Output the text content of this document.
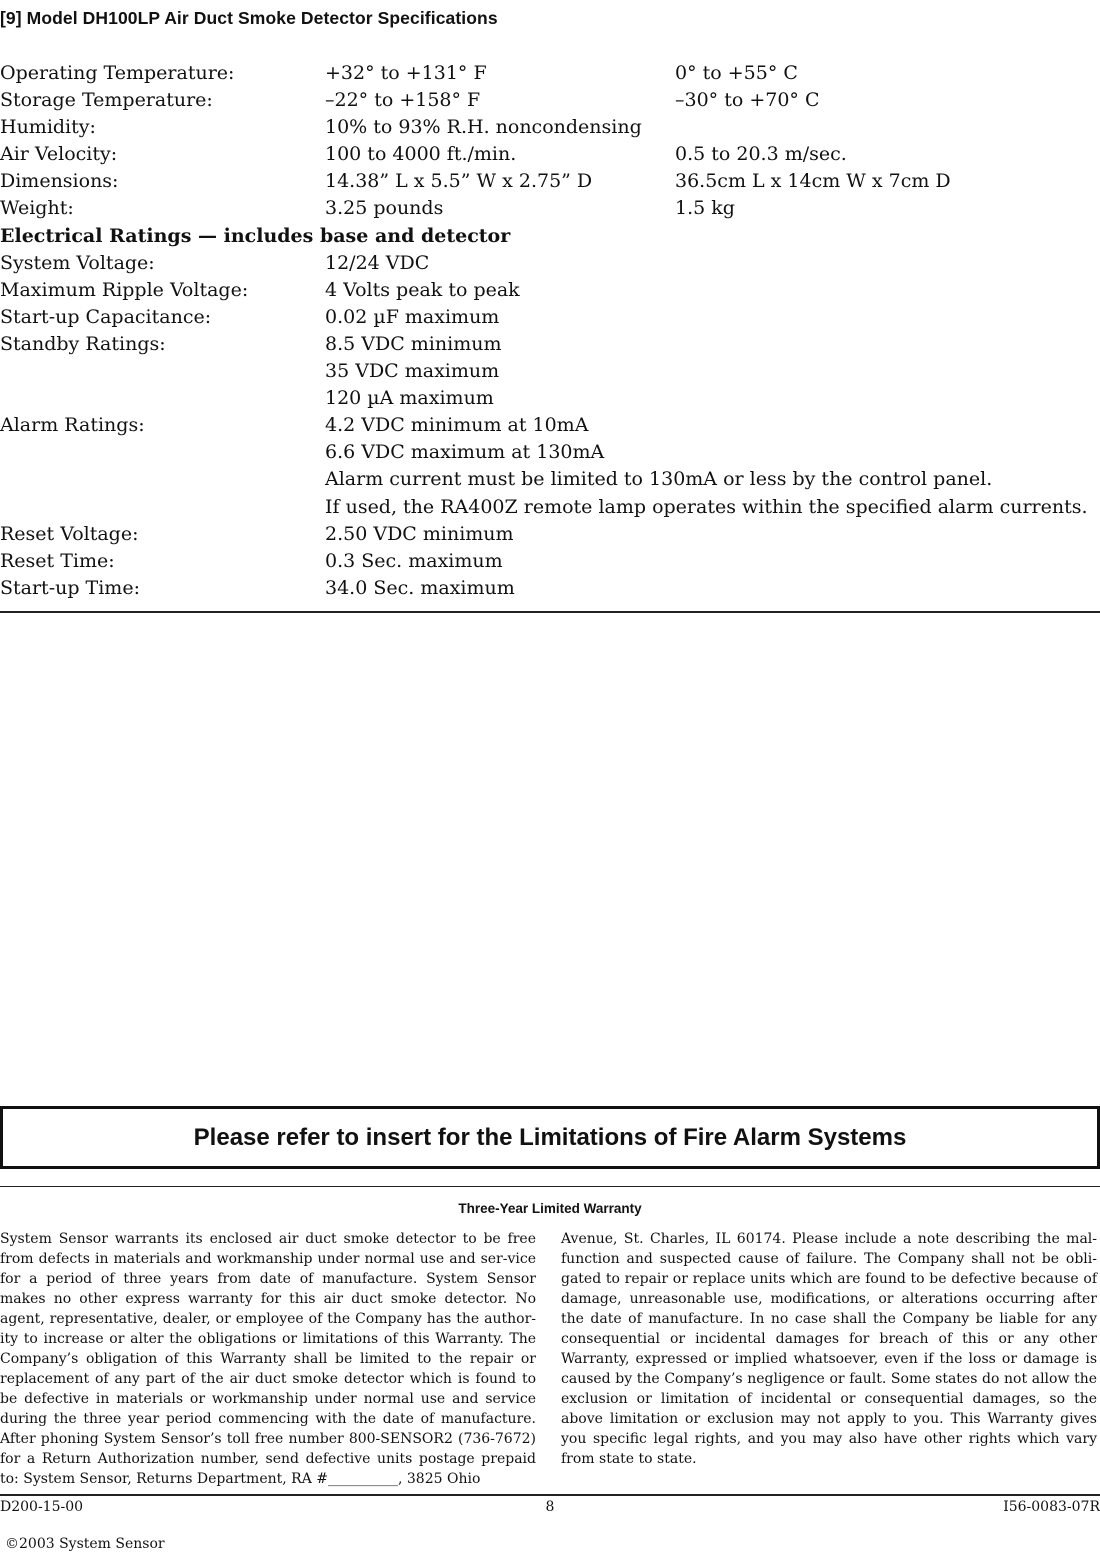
[9] Model DH100LP Air Duct Smoke Detector Specifications
Operating Temperature:	+32° to +131° F	0° to +55° C
Storage Temperature:	–22° to +158° F	–30° to +70° C
Humidity:	10% to 93% R.H. noncondensing	
Air Velocity:	100 to 4000 ft./min.	0.5 to 20.3 m/sec.
Dimensions:	14.38” L x 5.5” W x 2.75” D	36.5cm L x 14cm W x 7cm D
Weight:	3.25 pounds	1.5 kg
Electrical Ratings — includes base and detector		
System Voltage:	12/24 VDC	
Maximum Ripple Voltage:	4 Volts peak to peak	
Start-up Capacitance:	0.02 µF maximum	
Standby Ratings:	8.5 VDC minimum	
	35 VDC maximum	
	120 µA maximum	
Alarm Ratings:	4.2 VDC minimum at 10mA	
	6.6 VDC maximum at 130mA	
	Alarm current must be limited to 130mA or less by the control panel.	
	If used, the RA400Z remote lamp operates within the specified alarm currents.	
Reset Voltage:	2.50 VDC minimum	
Reset Time:	0.3 Sec. maximum	
Start-up Time:	34.0 Sec. maximum	
Please refer to insert for the Limitations of Fire Alarm Systems
Three-Year Limited Warranty

System Sensor warrants its enclosed air duct smoke detector to be free from defects in materials and workmanship under normal use and ser-vice for a period of three years from date of manufacture. System Sensor makes no other express warranty for this air duct smoke detector. No agent, representative, dealer, or employee of the Company has the author-ity to increase or alter the obligations or limitations of this Warranty. The Company’s obligation of this Warranty shall be limited to the repair or replacement of any part of the air duct smoke detector which is found to be defective in materials or workmanship under normal use and service during the three year period commencing with the date of manufacture. After phoning System Sensor’s toll free number 800-SENSOR2 (736-7672) for a Return Authorization number, send defective units postage prepaid to: System Sensor, Returns Department, RA #__________, 3825 Ohio

Avenue, St. Charles, IL 60174. Please include a note describing the mal-function and suspected cause of failure. The Company shall not be obli-gated to repair or replace units which are found to be defective because of damage, unreasonable use, modifications, or alterations occurring after the date of manufacture. In no case shall the Company be liable for any consequential or incidental damages for breach of this or any other Warranty, expressed or implied whatsoever, even if the loss or damage is caused by the Company’s negligence or fault. Some states do not allow the exclusion or limitation of incidental or consequential damages, so the above limitation or exclusion may not apply to you. This Warranty gives you specific legal rights, and you may also have other rights which vary from state to state.

D200-15-00	8	I56-0083-07R
©2003 System Sensor
